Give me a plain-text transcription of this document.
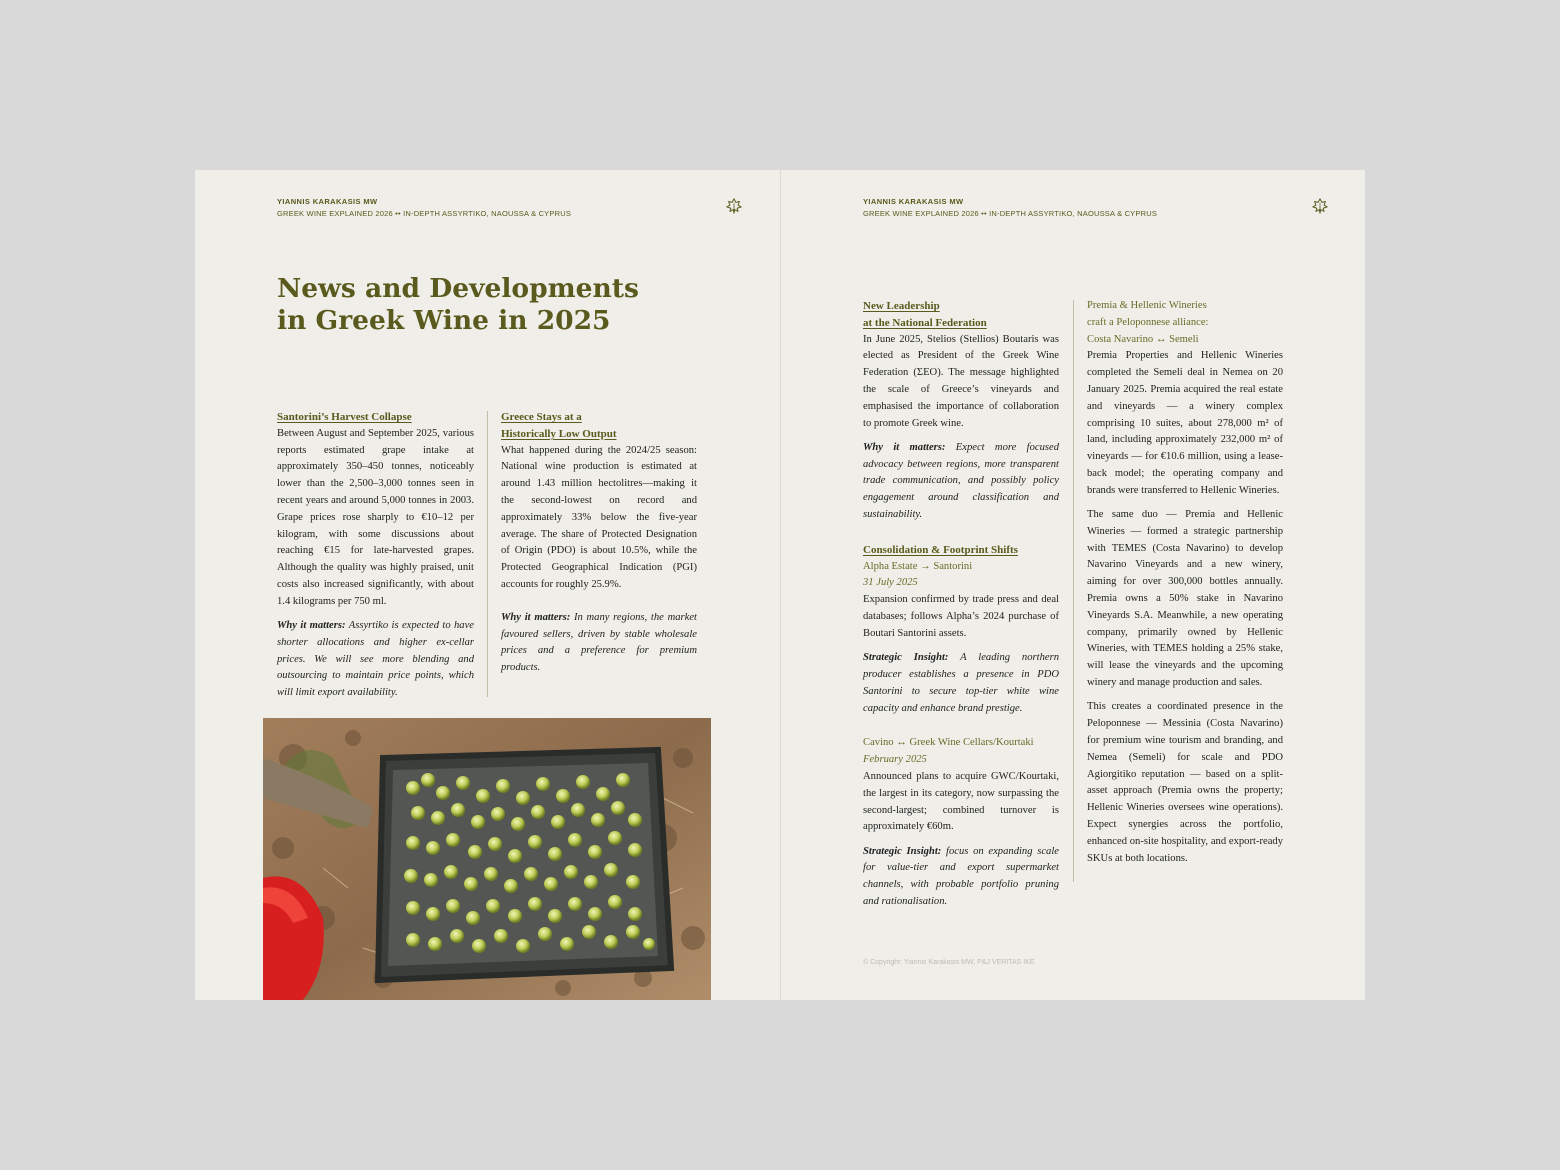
YIANNIS KARAKASIS MW
GREEK WINE EXPLAINED 2026 •• IN-DEPTH ASSYRTIKO, NAOUSSA & CYPRUS
News and Developments in Greek Wine in 2025
Santorini’s Harvest Collapse

Between August and September 2025, various reports estimated grape intake at approximately 350–450 tonnes, noticeably lower than the 2,500–3,000 tonnes seen in recent years and around 5,000 tonnes in 2003. Grape prices rose sharply to €10–12 per kilogram, with some discussions about reaching €15 for late-harvested grapes. Although the quality was highly praised, unit costs also increased significantly, with about 1.4 kilograms per 750 ml.

Why it matters: Assyrtiko is expected to have shorter allocations and higher ex-cellar prices. We will see more blending and outsourcing to maintain price points, which will limit export availability.

Greece Stays at a
Historically Low Output

What happened during the 2024/25 season: National wine production is estimated at around 1.43 million hectolitres—making it the second-lowest on record and approximately 33% below the five-year average. The share of Protected Designation of Origin (PDO) is about 10.5%, while the Protected Geographical Indication (PGI) accounts for roughly 25.9%.

Why it matters: In many regions, the market favoured sellers, driven by stable wholesale prices and a preference for premium products.

YIANNIS KARAKASIS MW
GREEK WINE EXPLAINED 2026 •• IN-DEPTH ASSYRTIKO, NAOUSSA & CYPRUS
New Leadership
at the National Federation

In June 2025, Stelios (Stellios) Boutaris was elected as President of the Greek Wine Federation (ΣΕΟ). The message highlighted the scale of Greece’s vineyards and emphasised the importance of collaboration to promote Greek wine.

Why it matters: Expect more focused advocacy between regions, more transparent trade communication, and possibly policy engagement around classification and sustainability.

Consolidation & Footprint Shifts
Alpha Estate → Santorini
31 July 2025

Expansion confirmed by trade press and deal databases; follows Alpha’s 2024 purchase of Boutari Santorini assets.

Strategic Insight: A leading northern producer establishes a presence in PDO Santorini to secure top-tier white wine capacity and enhance brand prestige.

Cavino ↔ Greek Wine Cellars/Kourtaki
February 2025

Announced plans to acquire GWC/Kourtaki, the largest in its category, now surpassing the second-largest; combined turnover is approximately €60m.

Strategic Insight: focus on expanding scale for value-tier and export supermarket channels, with probable portfolio pruning and rationalisation.

Premia & Hellenic Wineries
craft a Peloponnese alliance:
Costa Navarino ↔ Semeli

Premia Properties and Hellenic Wineries completed the Semeli deal in Nemea on 20 January 2025. Premia acquired the real estate and vineyards — a winery complex comprising 10 suites, about 278,000 m² of land, including approximately 232,000 m² of vineyards — for €10.6 million, using a lease-back model; the operating company and brands were transferred to Hellenic Wineries.

The same duo — Premia and Hellenic Wineries — formed a strategic partnership with TEMES (Costa Navarino) to develop Navarino Vineyards and a new winery, aiming for over 300,000 bottles annually. Premia owns a 50% stake in Navarino Vineyards S.A. Meanwhile, a new operating company, primarily owned by Hellenic Wineries, with TEMES holding a 25% stake, will lease the vineyards and the upcoming winery and manage production and sales.

This creates a coordinated presence in the Peloponnese — Messinia (Costa Navarino) for premium wine tourism and branding, and Nemea (Semeli) for scale and PDO Agiorgitiko reputation — based on a split-asset approach (Premia owns the property; Hellenic Wineries oversees wine operations). Expect synergies across the portfolio, enhanced on-site hospitality, and export-ready SKUs at both locations.

© Copyright: Yiannis Karakasis MW, P&J VERITAS IKE
